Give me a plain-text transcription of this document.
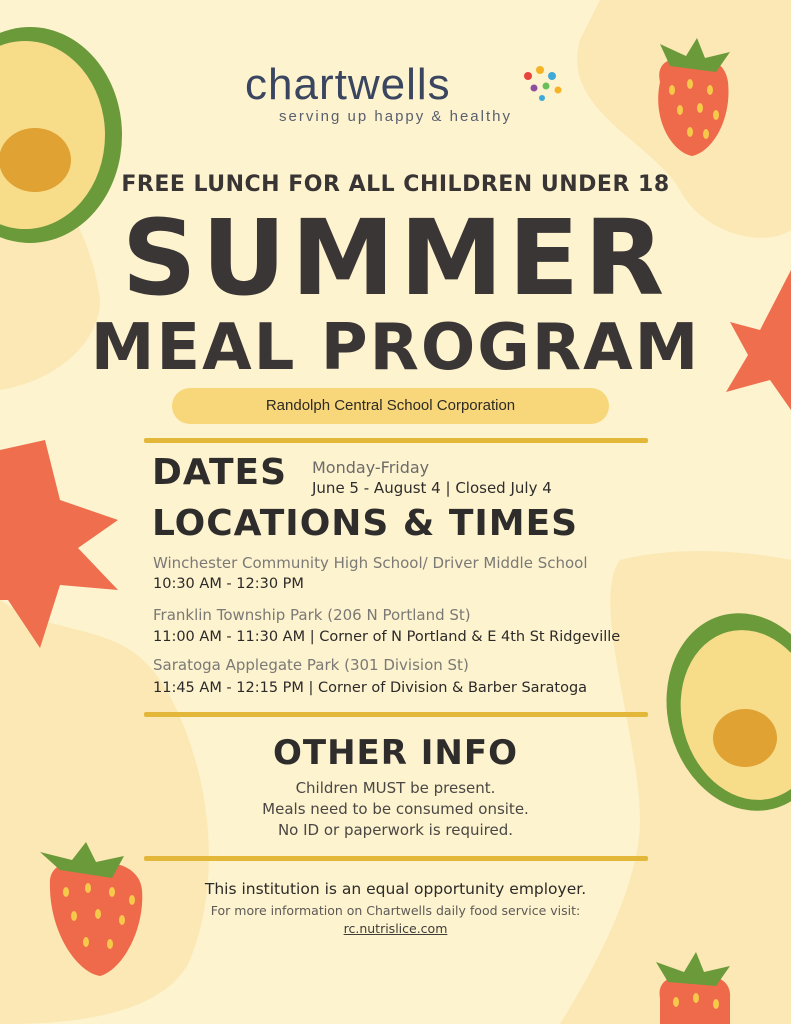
chartwells
serving up happy & healthy
FREE LUNCH FOR ALL CHILDREN UNDER 18
SUMMER
MEAL PROGRAM
Randolph Central School Corporation
DATES Monday-Friday
June 5 - August 4 | Closed July 4
LOCATIONS & TIMES
Winchester Community High School/ Driver Middle School
10:30 AM - 12:30 PM
Franklin Township Park (206 N Portland St)
11:00 AM - 11:30 AM | Corner of N Portland & E 4th St Ridgeville
Saratoga Applegate Park (301 Division St)
11:45 AM - 12:15 PM | Corner of Division & Barber Saratoga
OTHER INFO
Children MUST be present.
Meals need to be consumed onsite.
No ID or paperwork is required.
This institution is an equal opportunity employer.
For more information on Chartwells daily food service visit:
rc.nutrislice.com
